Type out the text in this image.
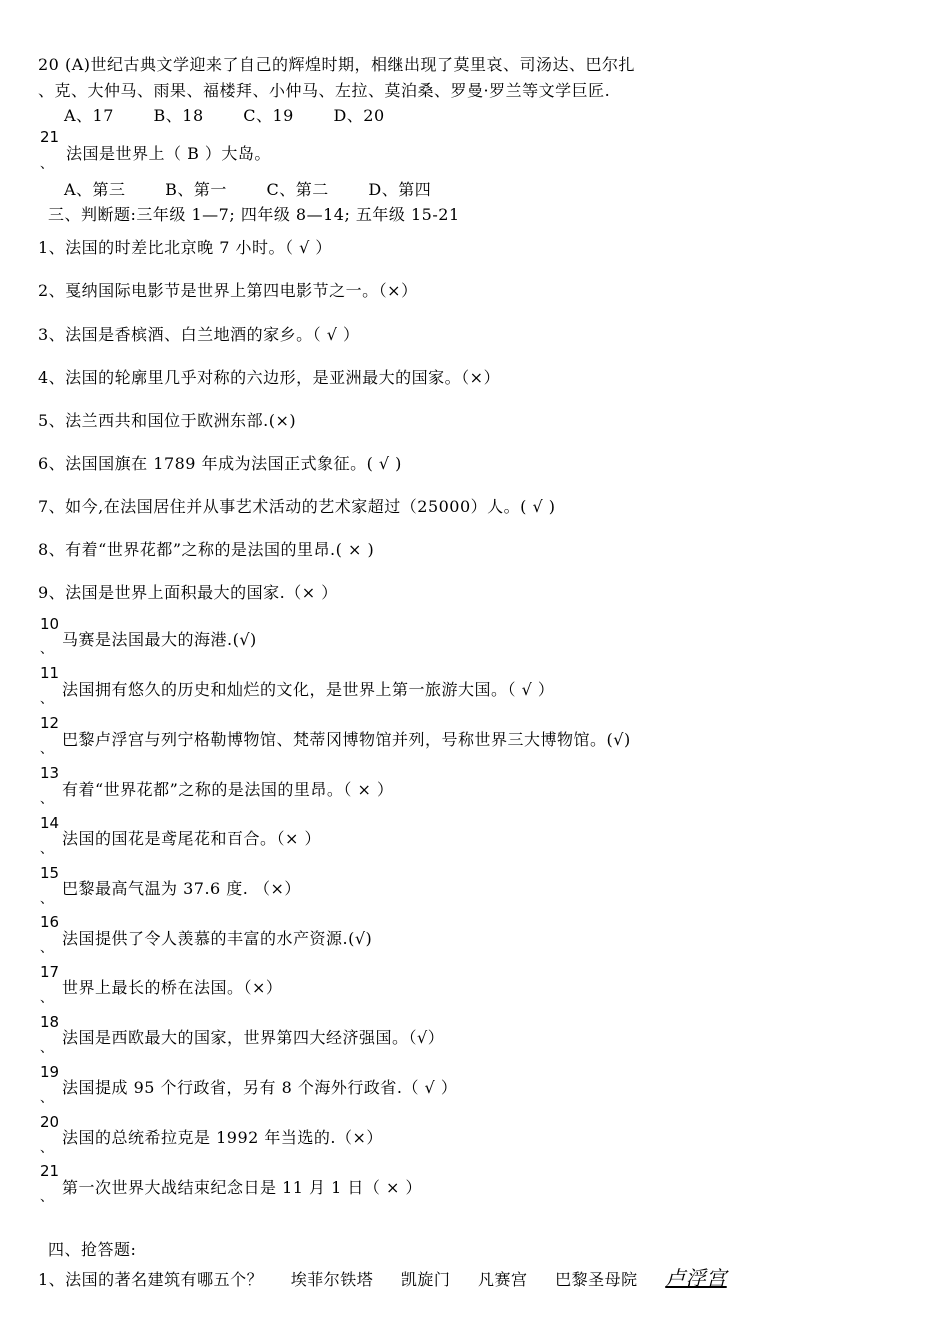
20 (A)世纪古典文学迎来了自己的辉煌时期，相继出现了莫里哀、司汤达、巴尔扎
、克、大仲马、雨果、福楼拜、小仲马、左拉、莫泊桑、罗曼·罗兰等文学巨匠.
A、17 B、18 C、19 D、20
21
、
法国是世界上（ B ）大岛。
A、第三 B、第一 C、第二 D、第四
三、判断题:三年级 1—7; 四年级 8—14; 五年级 15-21
1、法国的时差比北京晚 7 小时。（ √ ）
2、戛纳国际电影节是世界上第四电影节之一。（×）
3、法国是香槟酒、白兰地酒的家乡。（ √ ）
4、法国的轮廓里几乎对称的六边形，是亚洲最大的国家。（×）
5、法兰西共和国位于欧洲东部.(×)
6、法国国旗在 1789 年成为法国正式象征。( √ )
7、如今,在法国居住并从事艺术活动的艺术家超过（25000）人。( √ )
8、有着“世界花都”之称的是法国的里昂.( × )
9、法国是世界上面积最大的国家.（× ）
10
、
马赛是法国最大的海港.(√)
11
、
法国拥有悠久的历史和灿烂的文化，是世界上第一旅游大国。（ √ ）
12
、
巴黎卢浮宫与列宁格勒博物馆、梵蒂冈博物馆并列，号称世界三大博物馆。(√)
13
、
有着“世界花都”之称的是法国的里昂。（ × ）
14
、
法国的国花是鸢尾花和百合。（× ）
15
、
巴黎最高气温为 37.6 度. （×）
16
、
法国提供了令人羡慕的丰富的水产资源.(√)
17
、
世界上最长的桥在法国。（×）
18
、
法国是西欧最大的国家，世界第四大经济强国。（√）
19
、
法国提成 95 个行政省，另有 8 个海外行政省.（ √ ）
20
、
法国的总统希拉克是 1992 年当选的.（×）
21
、
第一次世界大战结束纪念日是 11 月 1 日（ × ）
四、抢答题:
1、法国的著名建筑有哪五个？ 埃菲尔铁塔 凯旋门 凡赛宫 巴黎圣母院 卢浮宫
